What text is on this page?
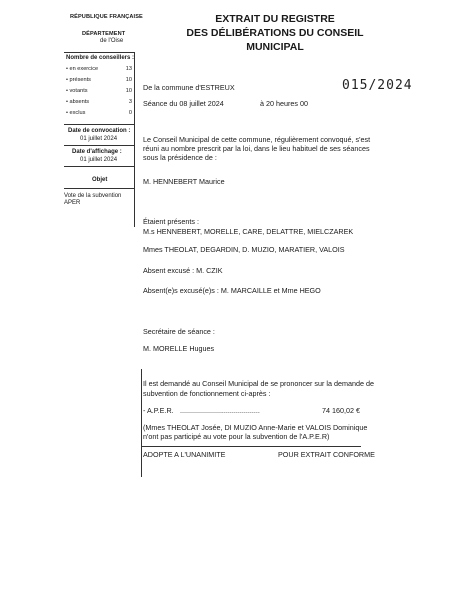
RÉPUBLIQUE FRANÇAISE
DÉPARTEMENT
de l'Oise
EXTRAIT DU REGISTRE
DES DÉLIBÉRATIONS DU CONSEIL
MUNICIPAL
Nombre de conseillers :
• en exercice	13
• présents	10
• votants	10
• absents	3
• exclus	0
Date de convocation :
01 juillet 2024
Date d'affichage :
01 juillet 2024
Objet
Vote de la subvention
APER
De la commune d'ESTREUX	015/2024
Séance du 08 juillet 2024	à 20 heures 00
Le Conseil Municipal de cette commune, régulièrement convoqué, s'est
réuni au nombre prescrit par la loi, dans le lieu habituel de ses séances
sous la présidence de :
M. HENNEBERT Maurice
Étaient présents :
M.s HENNEBERT, MORELLE, CARE, DELATTRE, MIELCZAREK
Mmes THEOLAT, DEGARDIN, D. MUZIO, MARATIER, VALOIS
Absent excusé : M. CZIK
Absent(e)s excusé(e)s : M. MARCAILLE et Mme HEGO
Secrétaire de séance :
M. MORELLE Hugues
Il est demandé au Conseil Municipal de se prononcer sur la demande de
subvention de fonctionnement ci-après :
- A.P.E.R. ........................................	74 160,02 €
(Mmes THEOLAT Josée, DI MUZIO Anne-Marie et VALOIS Dominique
n'ont pas participé au vote pour la subvention de l'A.P.E.R)
ADOPTE A L'UNANIMITE	POUR EXTRAIT CONFORME
